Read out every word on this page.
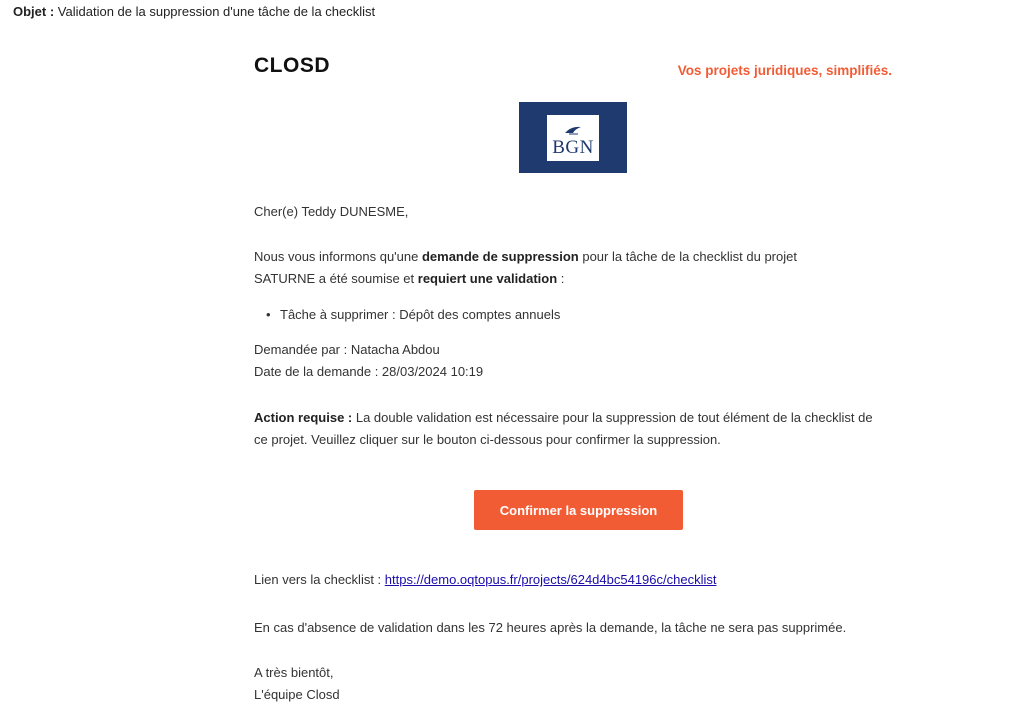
Objet : Validation de la suppression d'une tâche de la checklist
CLOSD	Vos projets juridiques, simplifiés.
BGN
Cher(e) Teddy DUNESME,
Nous vous informons qu'une demande de suppression pour la tâche de la checklist du projet SATURNE a été soumise et requiert une validation :
• Tâche à supprimer : Dépôt des comptes annuels
Demandée par : Natacha Abdou
Date de la demande : 28/03/2024 10:19
Action requise : La double validation est nécessaire pour la suppression de tout élément de la checklist de ce projet. Veuillez cliquer sur le bouton ci-dessous pour confirmer la suppression.
Confirmer la suppression
Lien vers la checklist : https://demo.oqtopus.fr/projects/624d4bc54196c/checklist
En cas d'absence de validation dans les 72 heures après la demande, la tâche ne sera pas supprimée.
A très bientôt,
L'équipe Closd
